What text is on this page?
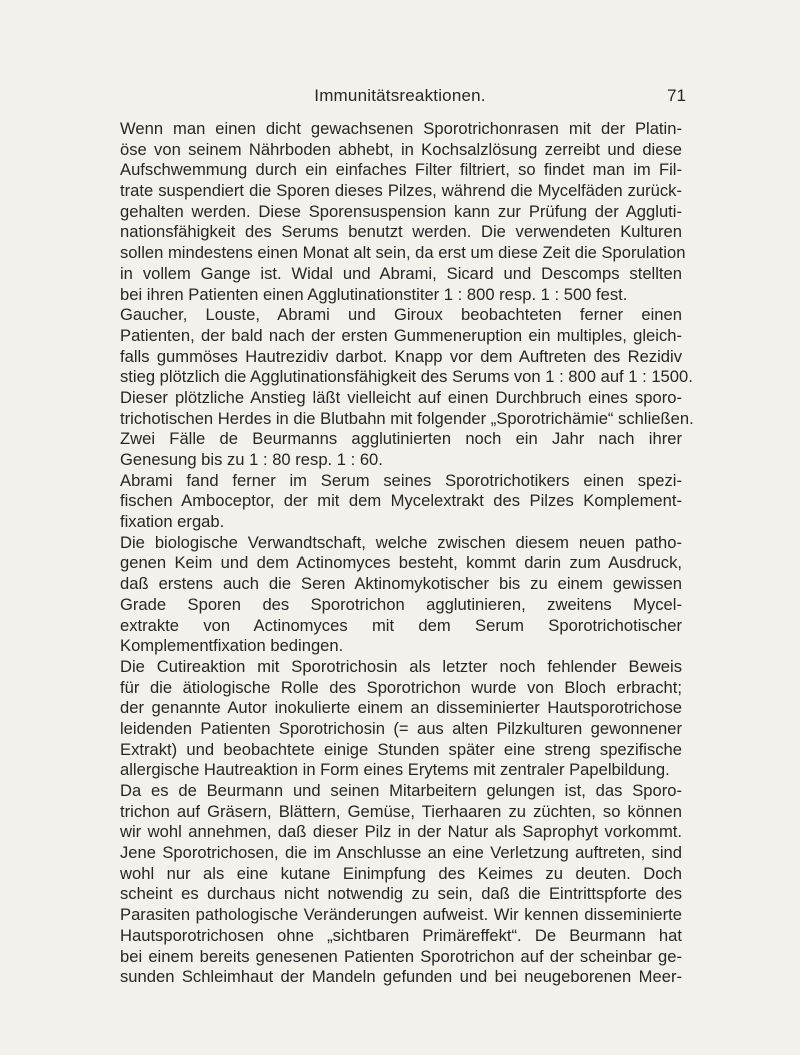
Immunitätsreaktionen.	71
Wenn man einen dicht gewachsenen Sporotrichonrasen mit der Platin-
öse von seinem Nährboden abhebt, in Kochsalzlösung zerreibt und diese
Aufschwemmung durch ein einfaches Filter filtriert, so findet man im Fil-
trate suspendiert die Sporen dieses Pilzes, während die Mycelfäden zurück-
gehalten werden. Diese Sporensuspension kann zur Prüfung der Aggluti-
nationsfähigkeit des Serums benutzt werden. Die verwendeten Kulturen
sollen mindestens einen Monat alt sein, da erst um diese Zeit die Sporulation
in vollem Gange ist. Widal und Abrami, Sicard und Descomps stellten
bei ihren Patienten einen Agglutinationstiter 1 : 800 resp. 1 : 500 fest.
Gaucher, Louste, Abrami und Giroux beobachteten ferner einen
Patienten, der bald nach der ersten Gummeneruption ein multiples, gleich-
falls gummöses Hautrezidiv darbot. Knapp vor dem Auftreten des Rezidiv
stieg plötzlich die Agglutinationsfähigkeit des Serums von 1 : 800 auf 1 : 1500.
Dieser plötzliche Anstieg läßt vielleicht auf einen Durchbruch eines sporo-
trichotischen Herdes in die Blutbahn mit folgender „Sporotrichämie“ schließen.
Zwei Fälle de Beurmanns agglutinierten noch ein Jahr nach ihrer
Genesung bis zu 1 : 80 resp. 1 : 60.
Abrami fand ferner im Serum seines Sporotrichotikers einen spezi-
fischen Amboceptor, der mit dem Mycelextrakt des Pilzes Komplement-
fixation ergab.
Die biologische Verwandtschaft, welche zwischen diesem neuen patho-
genen Keim und dem Actinomyces besteht, kommt darin zum Ausdruck,
daß erstens auch die Seren Aktinomykotischer bis zu einem gewissen
Grade Sporen des Sporotrichon agglutinieren, zweitens Mycel-
extrakte von Actinomyces mit dem Serum Sporotrichotischer
Komplementfixation bedingen.
Die Cutireaktion mit Sporotrichosin als letzter noch fehlender Beweis
für die ätiologische Rolle des Sporotrichon wurde von Bloch erbracht;
der genannte Autor inokulierte einem an disseminierter Hautsporotrichose
leidenden Patienten Sporotrichosin (= aus alten Pilzkulturen gewonnener
Extrakt) und beobachtete einige Stunden später eine streng spezifische
allergische Hautreaktion in Form eines Erytems mit zentraler Papelbildung.
Da es de Beurmann und seinen Mitarbeitern gelungen ist, das Sporo-
trichon auf Gräsern, Blättern, Gemüse, Tierhaaren zu züchten, so können
wir wohl annehmen, daß dieser Pilz in der Natur als Saprophyt vorkommt.
Jene Sporotrichosen, die im Anschlusse an eine Verletzung auftreten, sind
wohl nur als eine kutane Einimpfung des Keimes zu deuten. Doch
scheint es durchaus nicht notwendig zu sein, daß die Eintrittspforte des
Parasiten pathologische Veränderungen aufweist. Wir kennen disseminierte
Hautsporotrichosen ohne „sichtbaren Primäreffekt“. De Beurmann hat
bei einem bereits genesenen Patienten Sporotrichon auf der scheinbar ge-
sunden Schleimhaut der Mandeln gefunden und bei neugeborenen Meer-
